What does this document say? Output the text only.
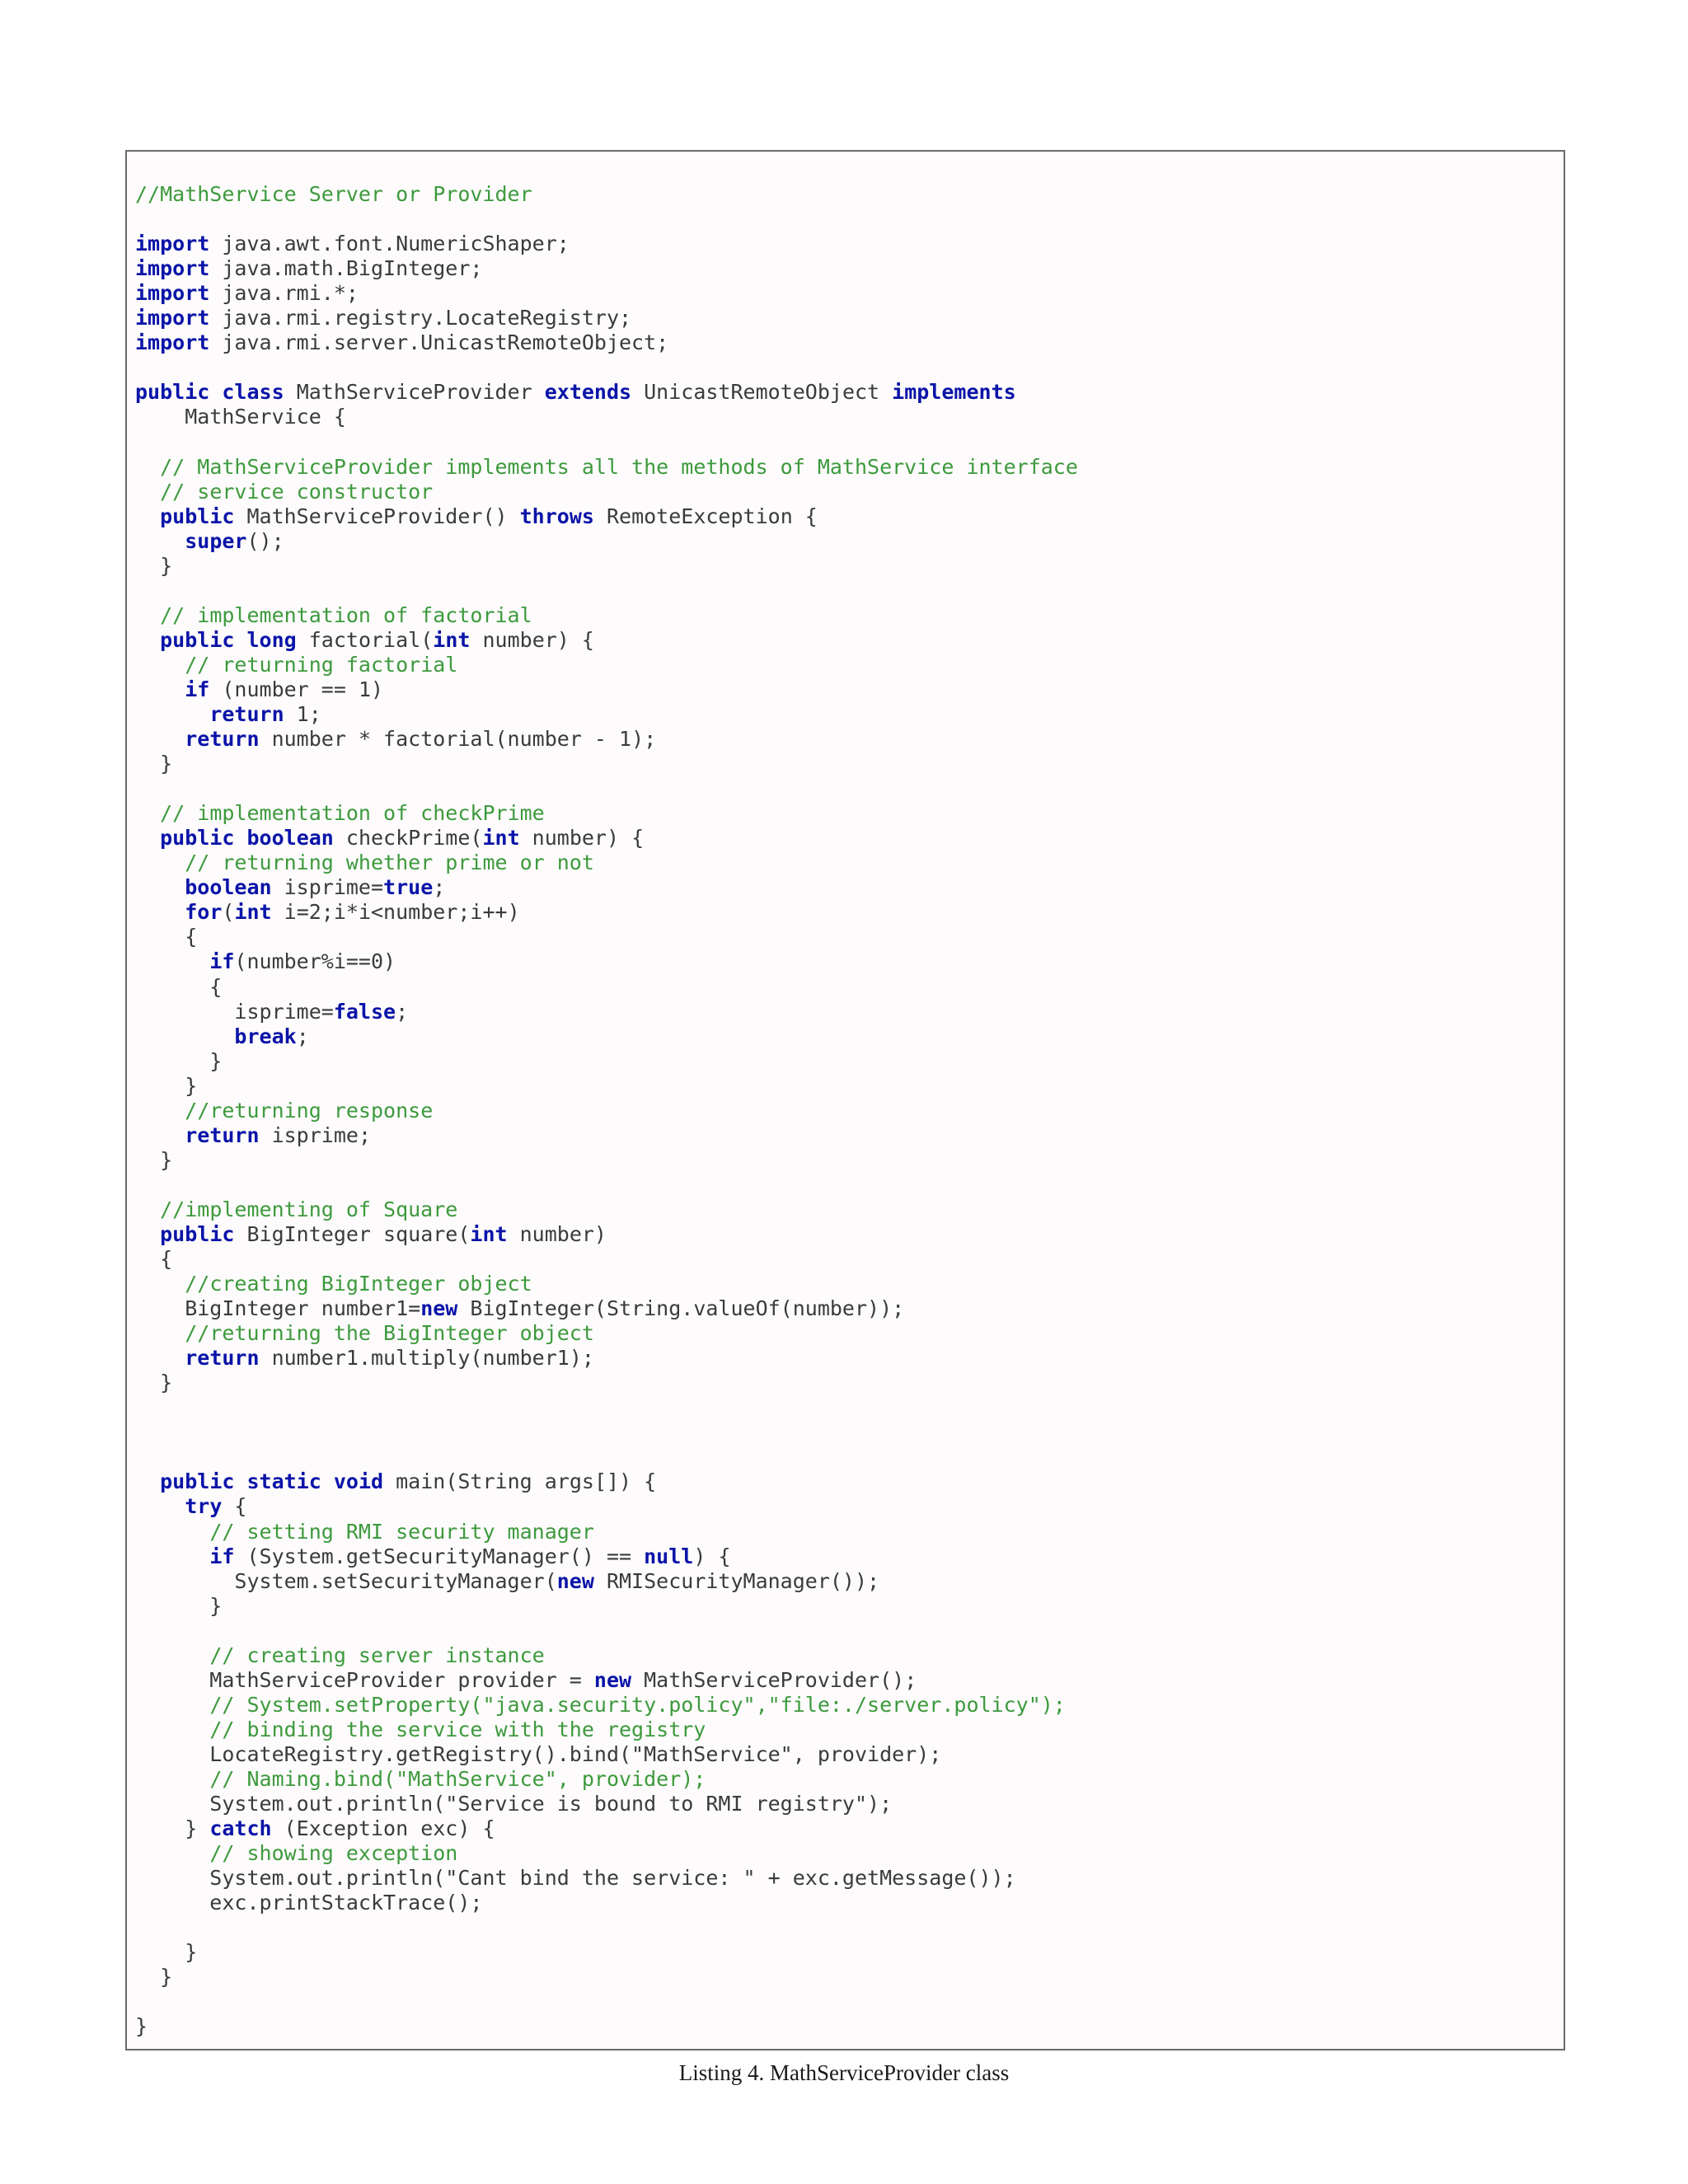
//MathService Server or Provider

import java.awt.font.NumericShaper;
import java.math.BigInteger;
import java.rmi.*;
import java.rmi.registry.LocateRegistry;
import java.rmi.server.UnicastRemoteObject;

public class MathServiceProvider extends UnicastRemoteObject implements
MathService {

// MathServiceProvider implements all the methods of MathService interface
// service constructor
public MathServiceProvider() throws RemoteException {
super();
}

// implementation of factorial
public long factorial(int number) {
// returning factorial
if (number == 1)
return 1;
return number * factorial(number - 1);
}

// implementation of checkPrime
public boolean checkPrime(int number) {
// returning whether prime or not
boolean isprime=true;
for(int i=2;i*i<number;i++)
{
if(number%i==0)
{
isprime=false;
break;
}
}
//returning response
return isprime;
}

//implementing of Square
public BigInteger square(int number)
{
//creating BigInteger object
BigInteger number1=new BigInteger(String.valueOf(number));
//returning the BigInteger object
return number1.multiply(number1);
}

public static void main(String args[]) {
try {
// setting RMI security manager
if (System.getSecurityManager() == null) {
System.setSecurityManager(new RMISecurityManager());
}

// creating server instance
MathServiceProvider provider = new MathServiceProvider();
// System.setProperty("java.security.policy","file:./server.policy");
// binding the service with the registry
LocateRegistry.getRegistry().bind("MathService", provider);
// Naming.bind("MathService", provider);
System.out.println("Service is bound to RMI registry");
} catch (Exception exc) {
// showing exception
System.out.println("Cant bind the service: " + exc.getMessage());
exc.printStackTrace();

}
}

}
Listing 4. MathServiceProvider class
